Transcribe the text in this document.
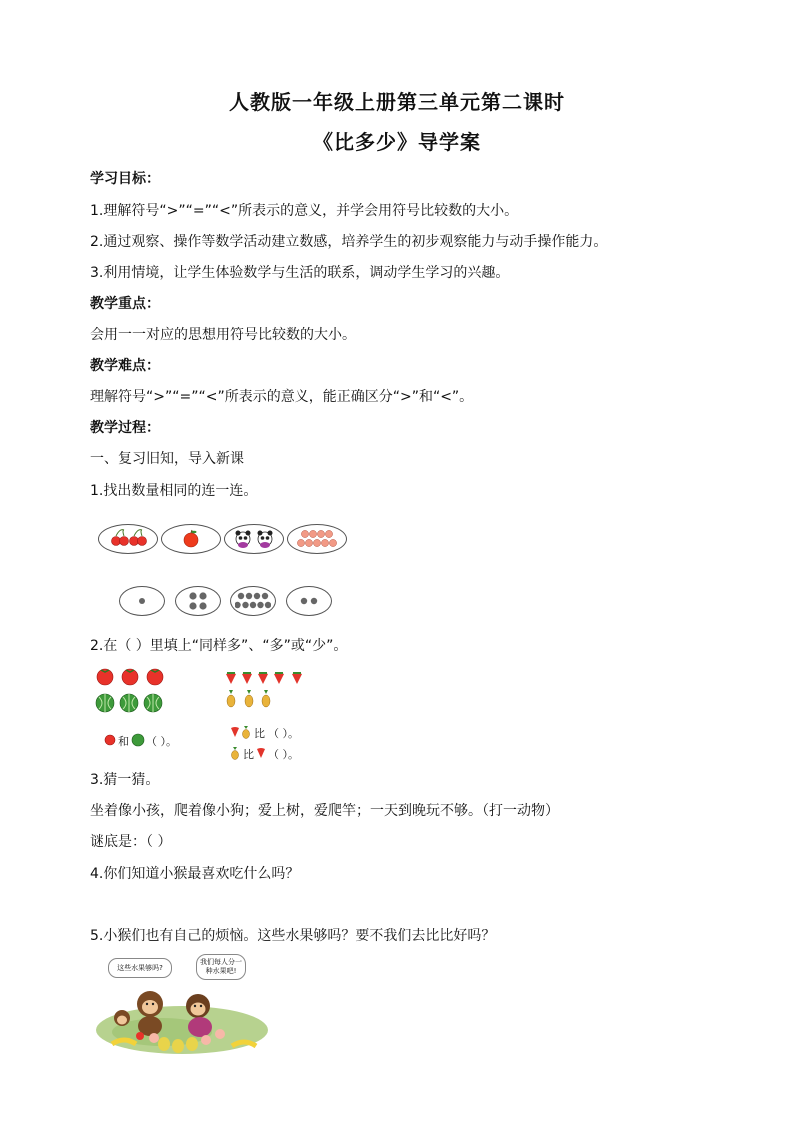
人教版一年级上册第三单元第二课时
《比多少》导学案
学习目标：
1.理解符号“>”“=”“<”所表示的意义，并学会用符号比较数的大小。
2.通过观察、操作等数学活动建立数感，培养学生的初步观察能力与动手操作能力。
3.利用情境，让学生体验数学与生活的联系，调动学生学习的兴趣。
教学重点：
会用一一对应的思想用符号比较数的大小。
教学难点：
理解符号“>”“=”“<”所表示的意义，能正确区分“>”和“<”。
教学过程：
一、复习旧知，导入新课
1.找出数量相同的连一连。
2.在（ ）里填上“同样多”、“多”或“少”。
和 （ ）。
比 （ ）。
比 （ ）。
3.猜一猜。
坐着像小孩，爬着像小狗；爱上树，爱爬竿；一天到晚玩不够。（打一动物）
谜底是：（ ）
4.你们知道小猴最喜欢吃什么吗？
5.小猴们也有自己的烦恼。这些水果够吗？要不我们去比比好吗？
这些水果够吗?
我们每人分一种水果吧!
